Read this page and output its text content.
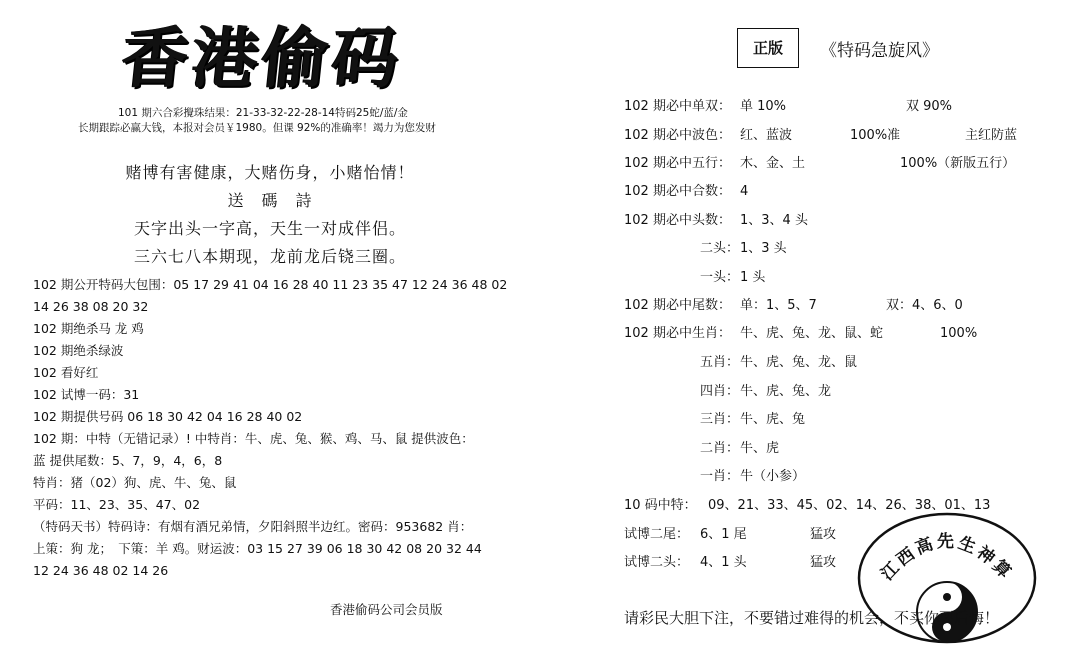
香港偷码
101 期六合彩攪珠结果：21-33-32-22-28-14特码25蛇/蓝/金
长期跟踪必赢大钱，本报对会员￥1980。但课 92%的准确率！竭力为您发财
赌博有害健康，大赌伤身，小赌怡情！
送　碼　詩
天字出头一字高，天生一对成伴侣。
三六七八本期现，龙前龙后铙三圈。
102 期公开特码大包围：05 17 29 41 04 16 28 40 11 23 35 47 12 24 36 48 02
14 26 38 08 20 32
102 期绝杀马 龙 鸡
102 期绝杀绿波
102 看好红
102 试博一码：31
102 期提供号码 06 18 30 42 04 16 28 40 02
102 期：中特（无错记录）! 中特肖：牛、虎、兔、猴、鸡、马、鼠 提供波色：
蓝 提供尾数：5、7，9，4，6，8
特肖：猪（02）狗、虎、牛、兔、鼠
平码：11、23、35、47、02
（特码天书）特码诗：有烟有酒兄弟情，夕阳斜照半边红。密码：953682 肖：
上策：狗 龙；　下策：羊 鸡。财运波：03 15 27 39 06 18 30 42 08 20 32 44
12 24 36 48 02 14 26
香港偷码公司会员版
正版	《特码急旋风》
102 期必中单双： 单 10%	双 90%
102 期必中波色： 红、蓝波	100%准	主红防蓝
102 期必中五行： 木、金、土	100%（新版五行）
102 期必中合数： 4
102 期必中头数： 1、3、4 头
二头： 1、3 头
一头： 1 头
102 期必中尾数： 单：1、5、7	双：4、6、0
102 期必中生肖： 牛、虎、兔、龙、鼠、蛇	100%
五肖： 牛、虎、兔、龙、鼠
四肖： 牛、虎、兔、龙
三肖： 牛、虎、兔
二肖： 牛、虎
一肖： 牛（小参）
10 码中特： 09、21、33、45、02、14、26、38、01、13
试博二尾： 6、1 尾	猛攻
试博二头： 4、1 头	猛攻 江西高先生神算
请彩民大胆下注，不要错过难得的机会，不买你要后悔！
